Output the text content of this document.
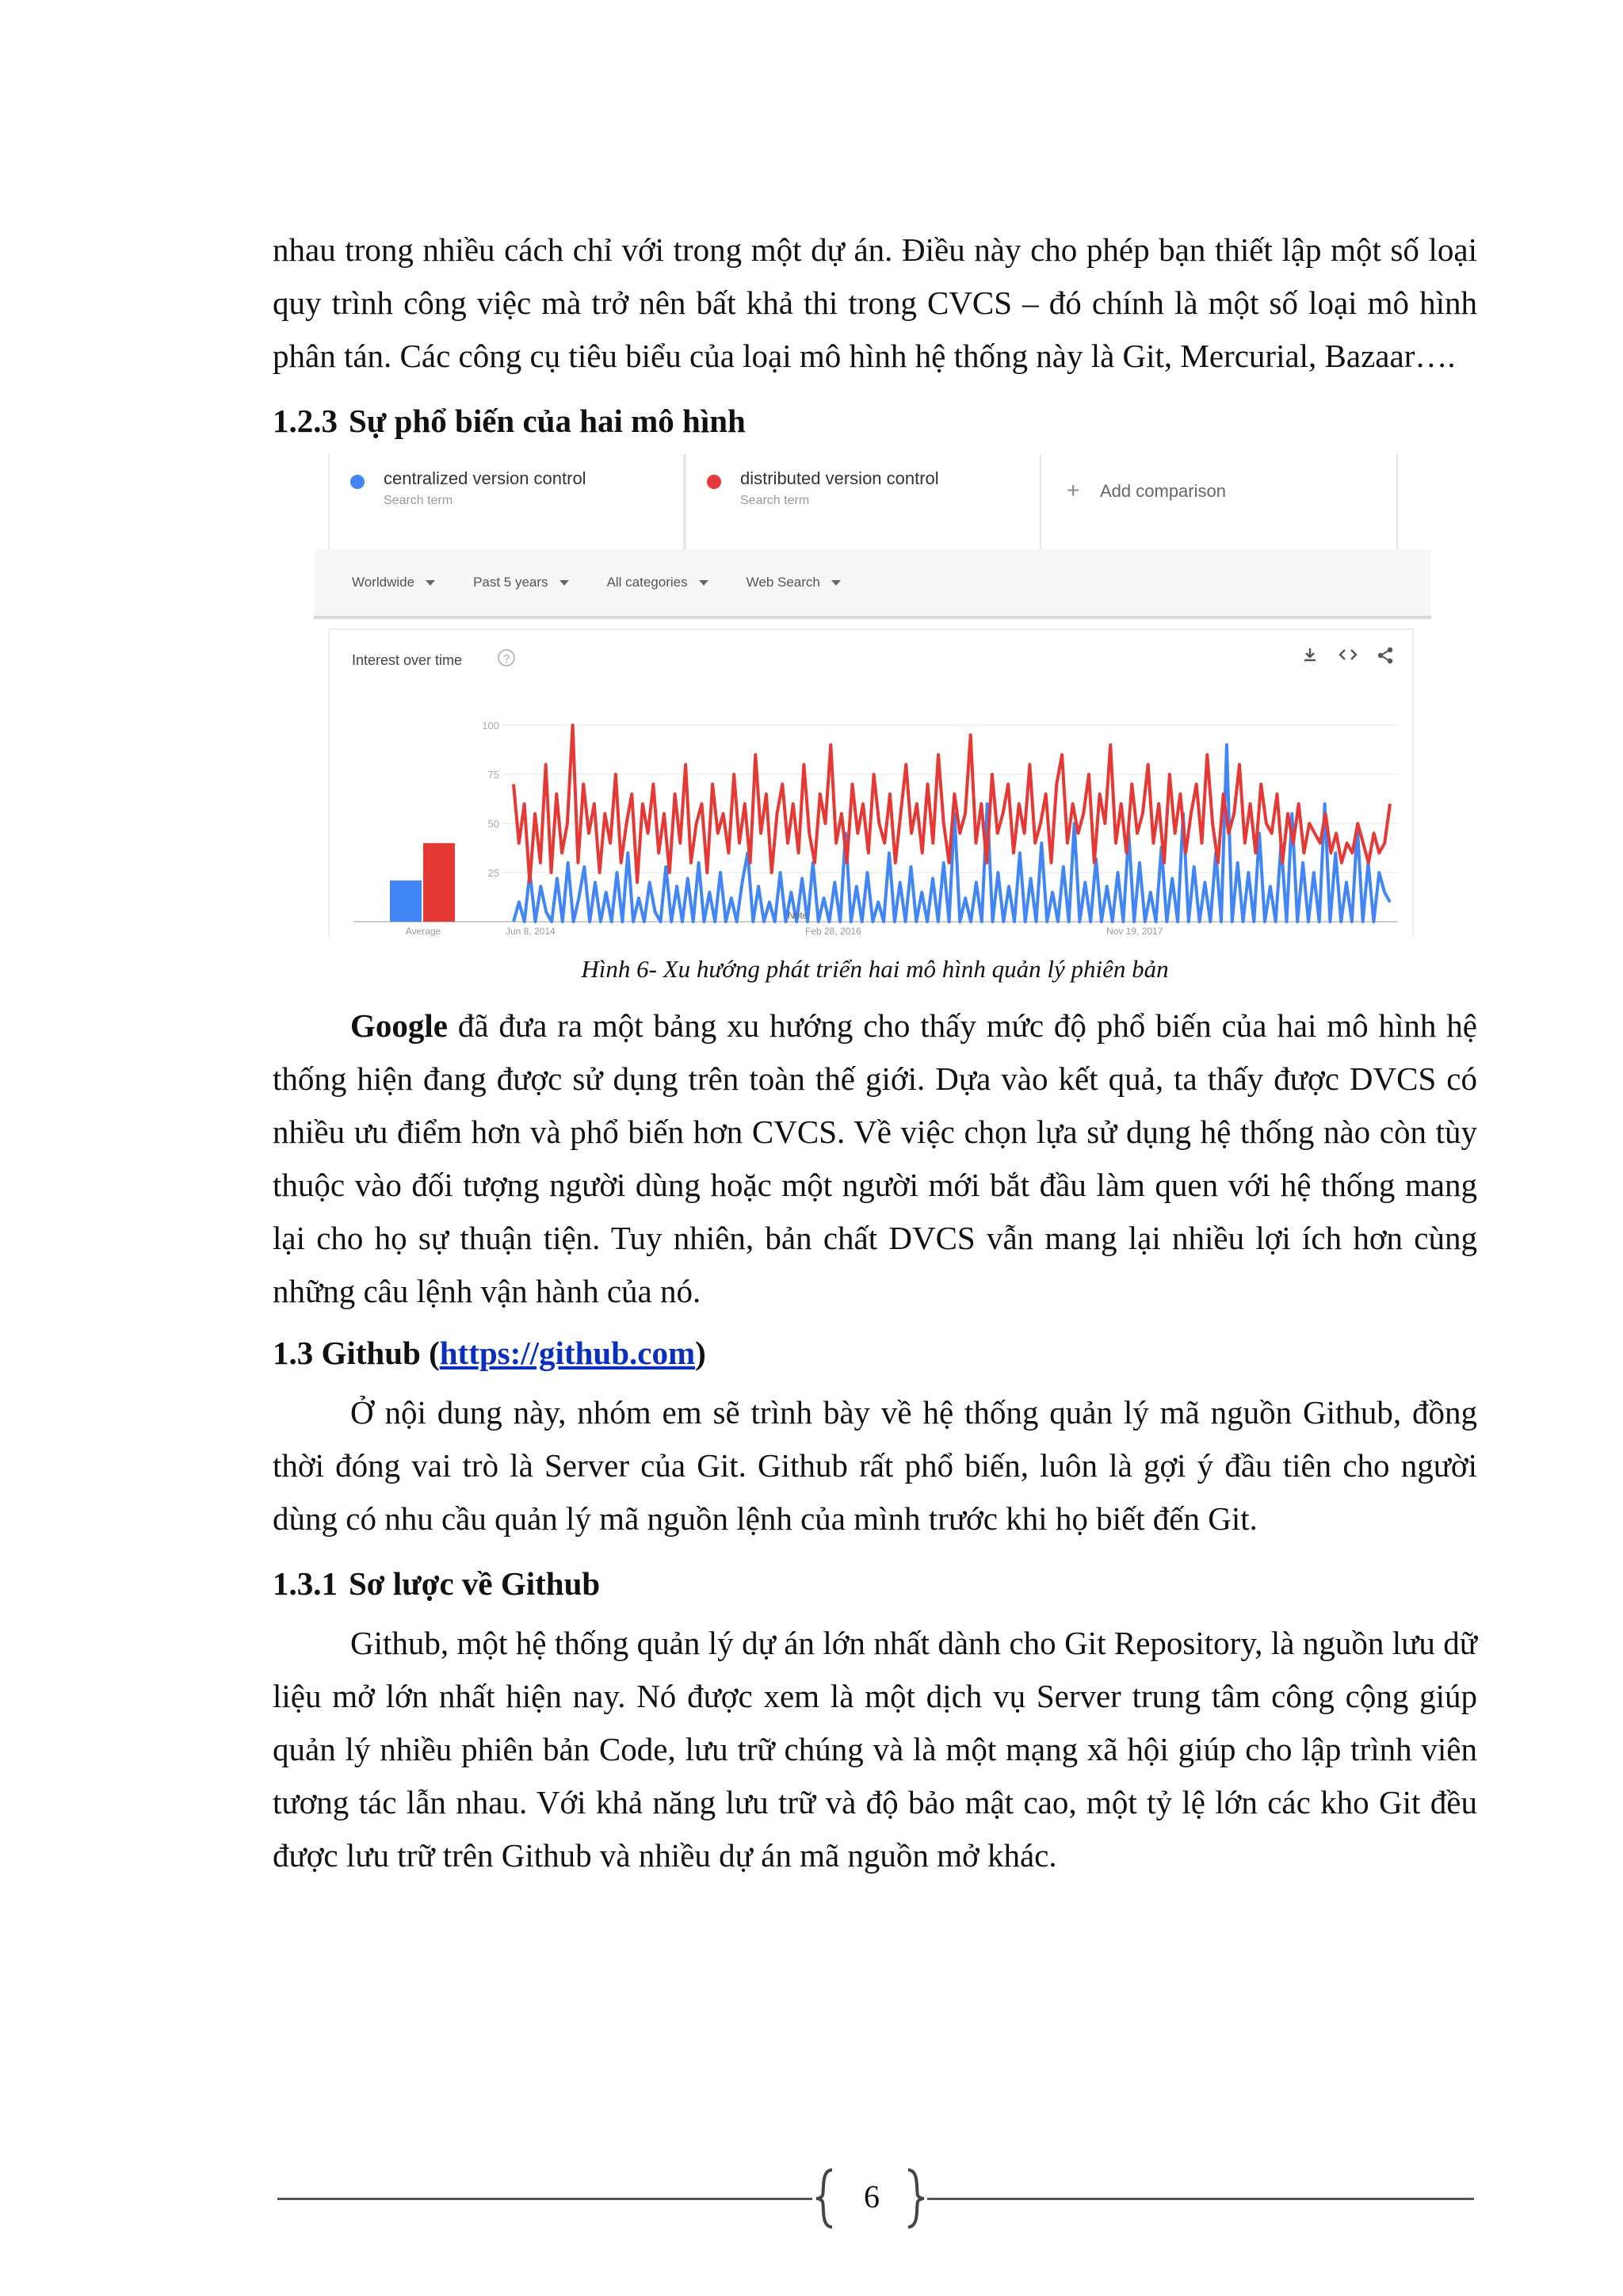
nhau trong nhiều cách chỉ với trong một dự án. Điều này cho phép bạn thiết lập một số loại quy trình công việc mà trở nên bất khả thi trong CVCS – đó chính là một số loại mô hình phân tán. Các công cụ tiêu biểu của loại mô hình hệ thống này là Git, Mercurial, Bazaar….

1.2.3 Sự phổ biến của hai mô hình
centralized version control
Search term
distributed version control
Search term	+ Add comparison
Worldwide	Past 5 years	All categories	Web Search
Interest over time	?
100
75
50
25
Average	Jun 8, 2014	Feb 28, 2016	Nov 19, 2017
Note
Hình 6- Xu hướng phát triển hai mô hình quản lý phiên bản

Google đã đưa ra một bảng xu hướng cho thấy mức độ phổ biến của hai mô hình hệ thống hiện đang được sử dụng trên toàn thế giới. Dựa vào kết quả, ta thấy được DVCS có nhiều ưu điểm hơn và phổ biến hơn CVCS. Về việc chọn lựa sử dụng hệ thống nào còn tùy thuộc vào đối tượng người dùng hoặc một người mới bắt đầu làm quen với hệ thống mang lại cho họ sự thuận tiện. Tuy nhiên, bản chất DVCS vẫn mang lại nhiều lợi ích hơn cùng những câu lệnh vận hành của nó.

1.3 Github (https://github.com)

Ở nội dung này, nhóm em sẽ trình bày về hệ thống quản lý mã nguồn Github, đồng thời đóng vai trò là Server của Git. Github rất phổ biến, luôn là gợi ý đầu tiên cho người dùng có nhu cầu quản lý mã nguồn lệnh của mình trước khi họ biết đến Git.

1.3.1 Sơ lược về Github

Github, một hệ thống quản lý dự án lớn nhất dành cho Git Repository, là nguồn lưu dữ liệu mở lớn nhất hiện nay. Nó được xem là một dịch vụ Server trung tâm công cộng giúp quản lý nhiều phiên bản Code, lưu trữ chúng và là một mạng xã hội giúp cho lập trình viên tương tác lẫn nhau. Với khả năng lưu trữ và độ bảo mật cao, một tỷ lệ lớn các kho Git đều được lưu trữ trên Github và nhiều dự án mã nguồn mở khác.

6
